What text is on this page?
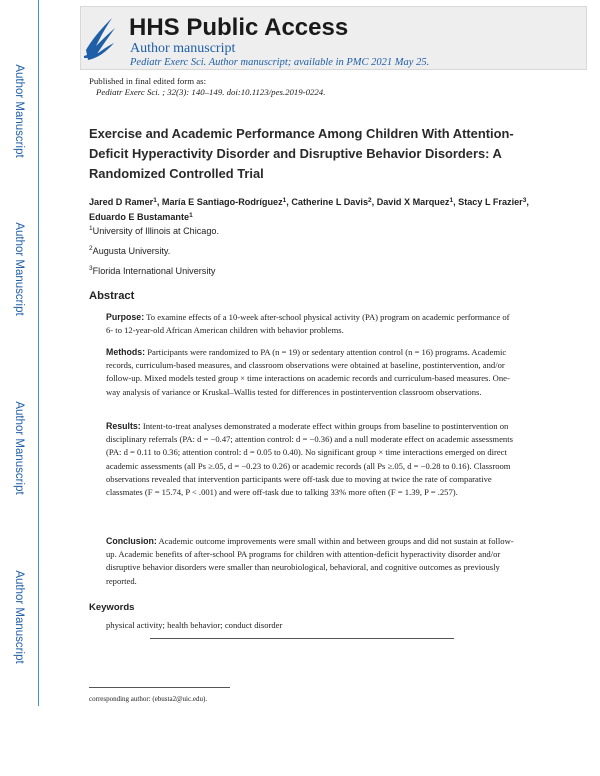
HHS Public Access
Author manuscript
Pediatr Exerc Sci. Author manuscript; available in PMC 2021 May 25.
Author Manuscript
Author Manuscript
Author Manuscript
Author Manuscript
Published in final edited form as:
Pediatr Exerc Sci. ; 32(3): 140–149. doi:10.1123/pes.2019-0224.
Exercise and Academic Performance Among Children With Attention-Deficit Hyperactivity Disorder and Disruptive Behavior Disorders: A Randomized Controlled Trial
Jared D Ramer$^1$, María E Santiago-Rodríguez$^1$, Catherine L Davis$^2$, David X Marquez$^1$, Stacy L Frazier$^3$, Eduardo E Bustamante$^1$
$^1$University of Illinois at Chicago.
$^2$Augusta University.
$^3$Florida International University
Abstract
Purpose: To examine effects of a 10-week after-school physical activity (PA) program on academic performance of 6- to 12-year-old African American children with behavior problems.
Methods: Participants were randomized to PA (n = 19) or sedentary attention control (n = 16) programs. Academic records, curriculum-based measures, and classroom observations were obtained at baseline, postintervention, and/or follow-up. Mixed models tested group × time interactions on academic records and curriculum-based measures. One-way analysis of variance or Kruskal–Wallis tested for differences in postintervention classroom observations.
Results: Intent-to-treat analyses demonstrated a moderate effect within groups from baseline to postintervention on disciplinary referrals (PA: d = −0.47; attention control: d = −0.36) and a null moderate effect on academic assessments (PA: d = 0.11 to 0.36; attention control: d = 0.05 to 0.40). No significant group × time interactions emerged on direct academic assessments (all Ps ≥.05, d = −0.23 to 0.26) or academic records (all Ps ≥.05, d = −0.28 to 0.16). Classroom observations revealed that intervention participants were off-task due to moving at twice the rate of comparative classmates (F = 15.74, P < .001) and were off-task due to talking 33% more often (F = 1.39, P = .257).
Conclusion: Academic outcome improvements were small within and between groups and did not sustain at follow-up. Academic benefits of after-school PA programs for children with attention-deficit hyperactivity disorder and/or disruptive behavior disorders were smaller than neurobiological, behavioral, and cognitive outcomes as previously reported.
Keywords
physical activity; health behavior; conduct disorder
corresponding author: (ebusta2@uic.edu).
